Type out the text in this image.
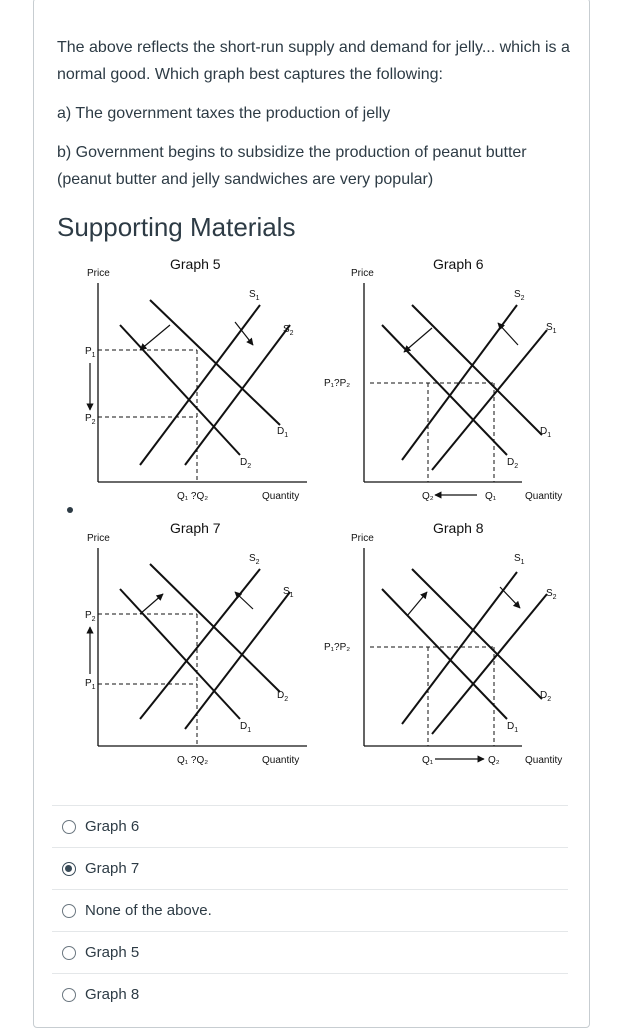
The above reflects the short-run supply and demand for jelly... which is a normal good. Which graph best captures the following:

a) The government taxes the production of jelly

b) Government begins to subsidize the production of peanut butter (peanut butter and jelly sandwiches are very popular)

Supporting Materials
Graph 5
Price
$P_1$
$P_2$
$S_1$
$S_2$
$D_1$
$D_2$
Q₁ ?Q₂	Quantity
Graph 6
Price
P₁?P₂
$S_2$
$S_1$
$D_1$
$D_2$
Q₂	Q₁	Quantity
Graph 7
Price
$P_2$
$P_1$
$S_2$
$S_1$
$D_2$
$D_1$
Q₁ ?Q₂	Quantity
Graph 8
Price
P₁?P₂
$S_1$
$S_2$
$D_2$
$D_1$
Q₁	Q₂	Quantity
Graph 6
Graph 7
None of the above.
Graph 5
Graph 8
